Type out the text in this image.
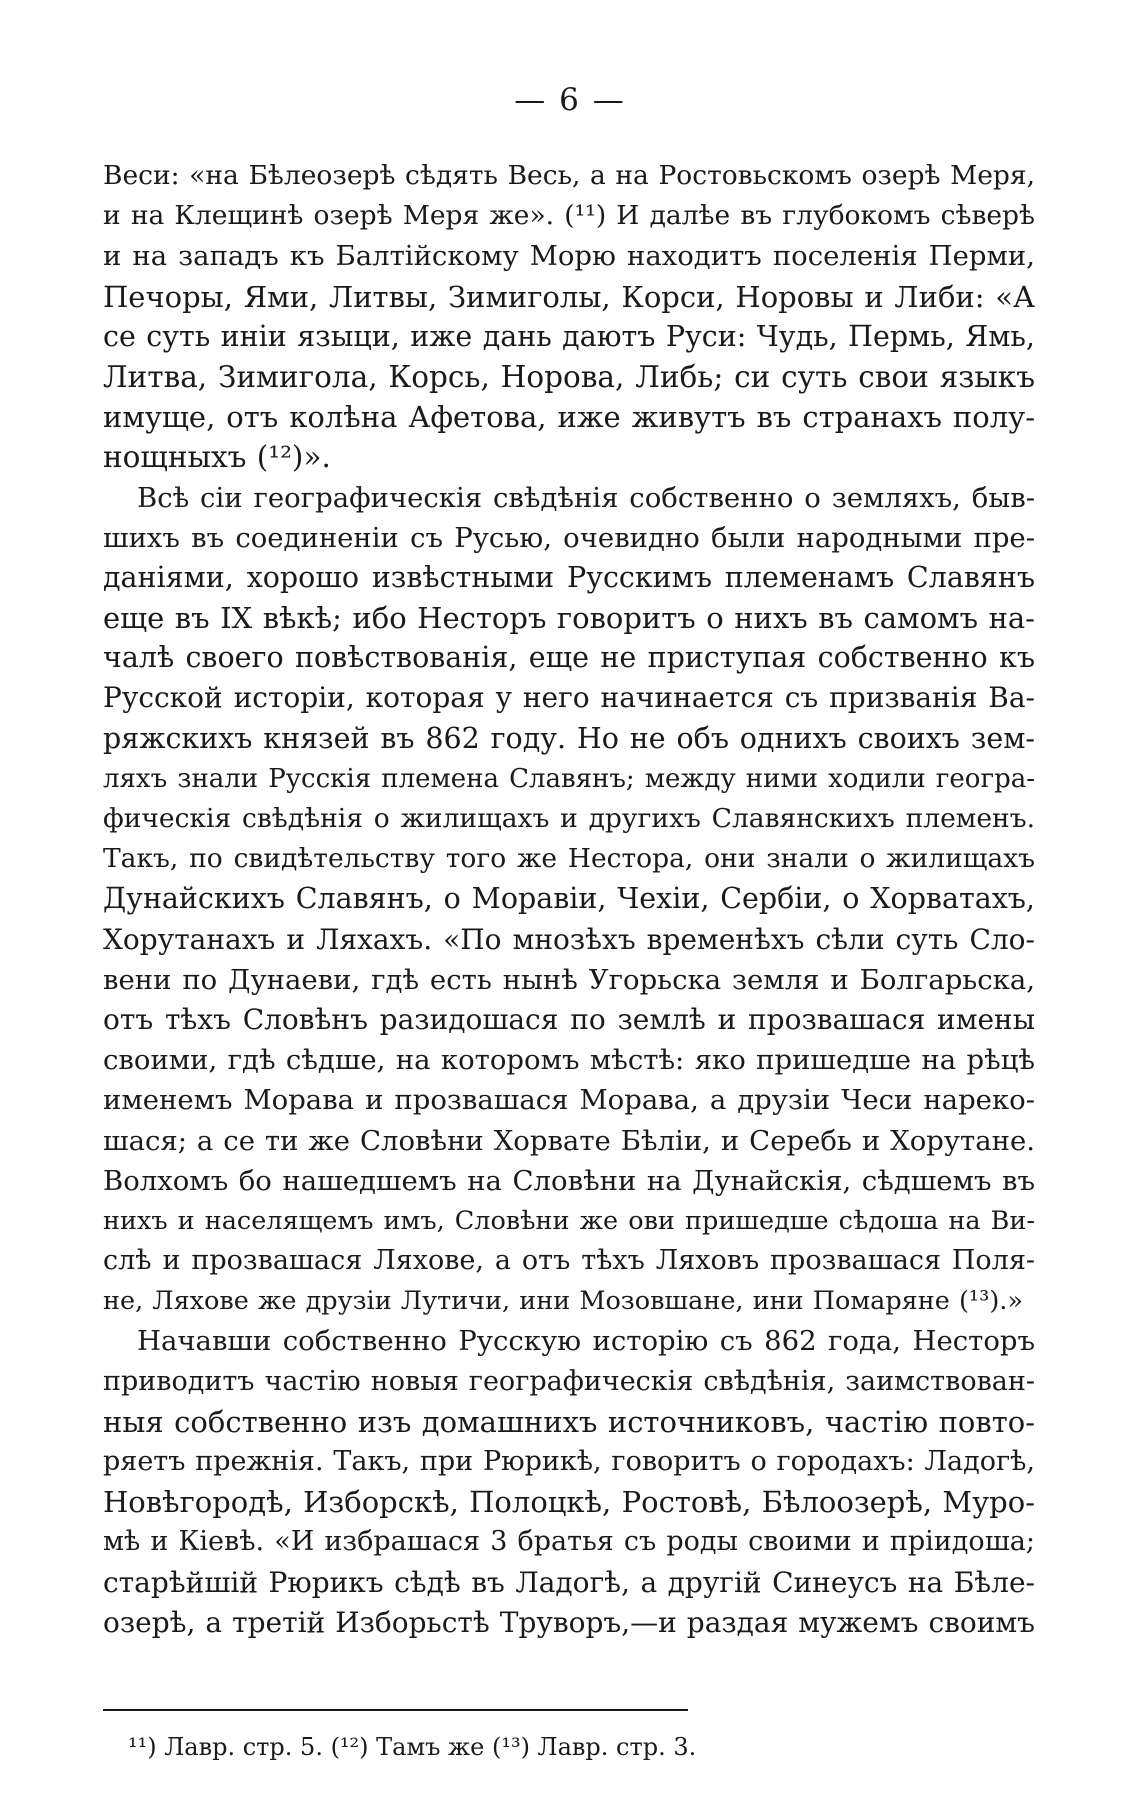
— 6 —
Веси: «на Бѣлеозерѣ сѣдять Весь, а на Ростовьскомъ озерѣ Меря,
и на Клещинѣ озерѣ Меря же». (¹¹) И далѣе въ глубокомъ сѣверѣ
и на западъ къ Балтійскому Морю находитъ поселенія Перми,
Печоры, Ями, Литвы, Зимиголы, Корси, Норовы и Либи: «А
се суть иніи языци, иже дань даютъ Руси: Чудь, Пермь, Ямь,
Литва, Зимигола, Корсь, Норова, Либь; си суть свои языкъ
имуще, отъ колѣна Афетова, иже живутъ въ странахъ полу-
нощныхъ (¹²)».
Всѣ сіи географическія свѣдѣнія собственно о земляхъ, быв-
шихъ въ соединеніи съ Русью, очевидно были народными пре-
даніями, хорошо извѣстными Русскимъ племенамъ Славянъ
еще въ IX вѣкѣ; ибо Несторъ говоритъ о нихъ въ самомъ на-
чалѣ своего повѣствованія, еще не приступая собственно къ
Русской исторіи, которая у него начинается съ призванія Ва-
ряжскихъ князей въ 862 году. Но не объ однихъ своихъ зем-
ляхъ знали Русскія племена Славянъ; между ними ходили геогра-
фическія свѣдѣнія о жилищахъ и другихъ Славянскихъ племенъ.
Такъ, по свидѣтельству того же Нестора, они знали о жилищахъ
Дунайскихъ Славянъ, о Моравіи, Чехіи, Сербіи, о Хорватахъ,
Хорутанахъ и Ляхахъ. «По мнозѣхъ временѣхъ сѣли суть Сло-
вени по Дунаеви, гдѣ есть нынѣ Угорьска земля и Болгарьска,
отъ тѣхъ Словѣнъ разидошася по землѣ и прозвашася имены
своими, гдѣ сѣдше, на которомъ мѣстѣ: яко пришедше на рѣцѣ
именемъ Морава и прозвашася Морава, а друзіи Чеси нареко-
шася; а се ти же Словѣни Хорвате Бѣліи, и Серебь и Хорутане.
Волхомъ бо нашедшемъ на Словѣни на Дунайскія, сѣдшемъ въ
нихъ и населящемъ имъ, Словѣни же ови пришедше сѣдоша на Ви-
слѣ и прозвашася Ляхове, а отъ тѣхъ Ляховъ прозвашася Поля-
не, Ляхове же друзіи Лутичи, ини Мозовшане, ини Помаряне (¹³).»
Начавши собственно Русскую исторію съ 862 года, Несторъ
приводитъ частію новыя географическія свѣдѣнія, заимствован-
ныя собственно изъ домашнихъ источниковъ, частію повто-
ряетъ прежнія. Такъ, при Рюрикѣ, говоритъ о городахъ: Ладогѣ,
Новѣгородѣ, Изборскѣ, Полоцкѣ, Ростовѣ, Бѣлоозерѣ, Муро-
мѣ и Кіевѣ. «И избрашася 3 братья съ роды своими и пріидоша;
старѣйшій Рюрикъ сѣдѣ въ Ладогѣ, а другій Синеусъ на Бѣле-
озерѣ, а третій Изборьстѣ Труворъ,—и раздая мужемъ своимъ
¹¹) Лавр. стр. 5. (¹²) Тамъ же (¹³) Лавр. стр. 3.
